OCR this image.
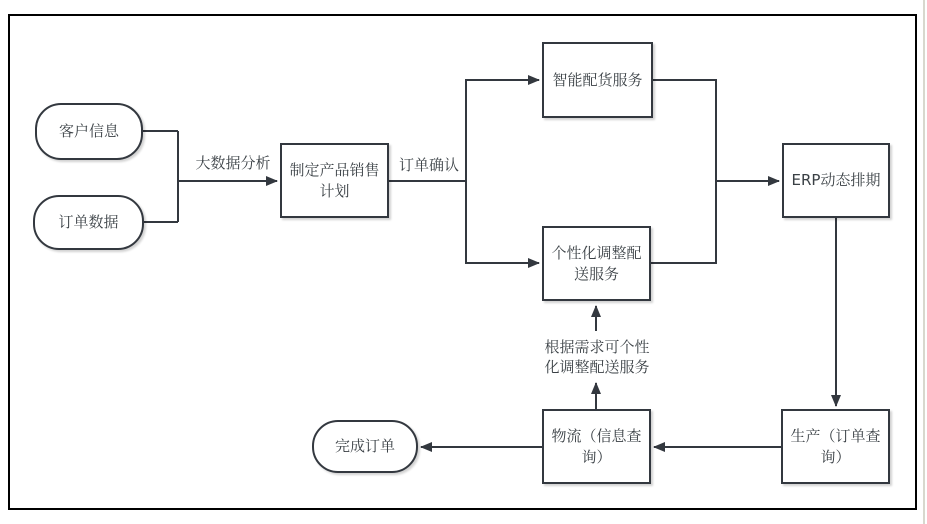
客户信息
订单数据
制定产品销售计划
智能配货服务
个性化调整配送服务
ERP动态排期
生产（订单查询）
物流（信息查询）
完成订单
大数据分析	订单确认
根据需求可个性化调整配送服务
